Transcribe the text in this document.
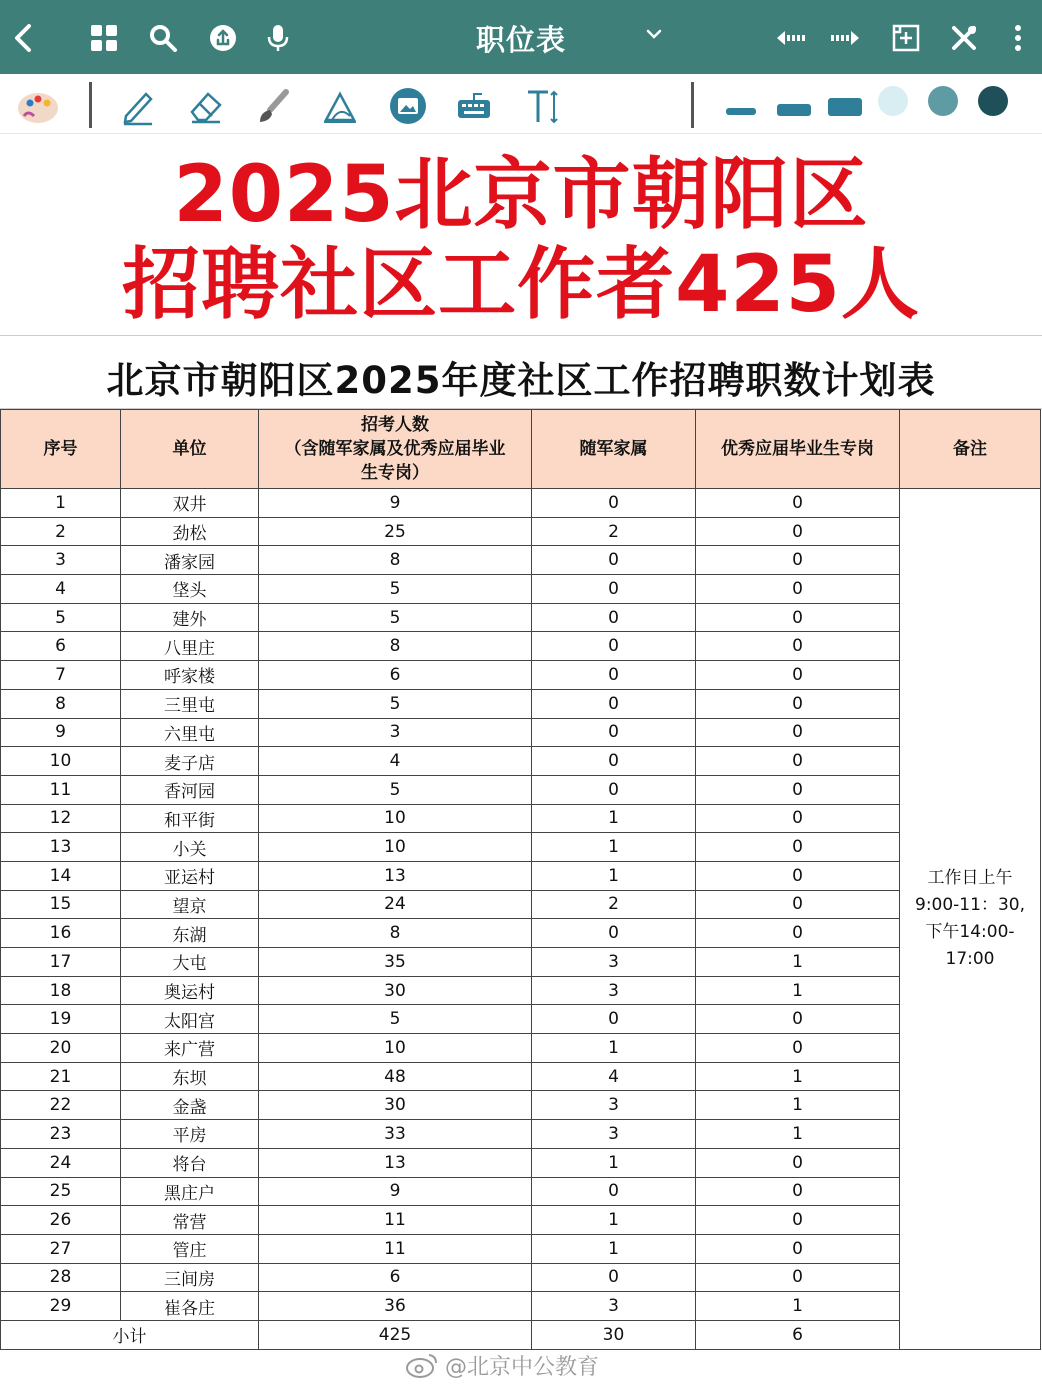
职位表
2025北京市朝阳区
招聘社区工作者425人
北京市朝阳区2025年度社区工作招聘职数计划表
序号	单位	招考人数
（含随军家属及优秀应届毕业
生专岗）	随军家属	优秀应届毕业生专岗	备注
1	双井	9	0	0	工作日上午
9:00-11：30,
下午14:00-
17:00

2	劲松	25	2	0	
3	潘家园	8	0	0	
4	垡头	5	0	0	
5	建外	5	0	0	
6	八里庄	8	0	0	
7	呼家楼	6	0	0	
8	三里屯	5	0	0	
9	六里屯	3	0	0	
10	麦子店	4	0	0	
11	香河园	5	0	0	
12	和平街	10	1	0	
13	小关	10	1	0	
14	亚运村	13	1	0	
15	望京	24	2	0	
16	东湖	8	0	0	
17	大屯	35	3	1	
18	奥运村	30	3	1	
19	太阳宫	5	0	0	
20	来广营	10	1	0	
21	东坝	48	4	1	
22	金盏	30	3	1	
23	平房	33	3	1	
24	将台	13	1	0	
25	黑庄户	9	0	0	
26	常营	11	1	0	
27	管庄	11	1	0	
28	三间房	6	0	0	
29	崔各庄	36	3	1	
小计		425	30	6	
@北京中公教育
